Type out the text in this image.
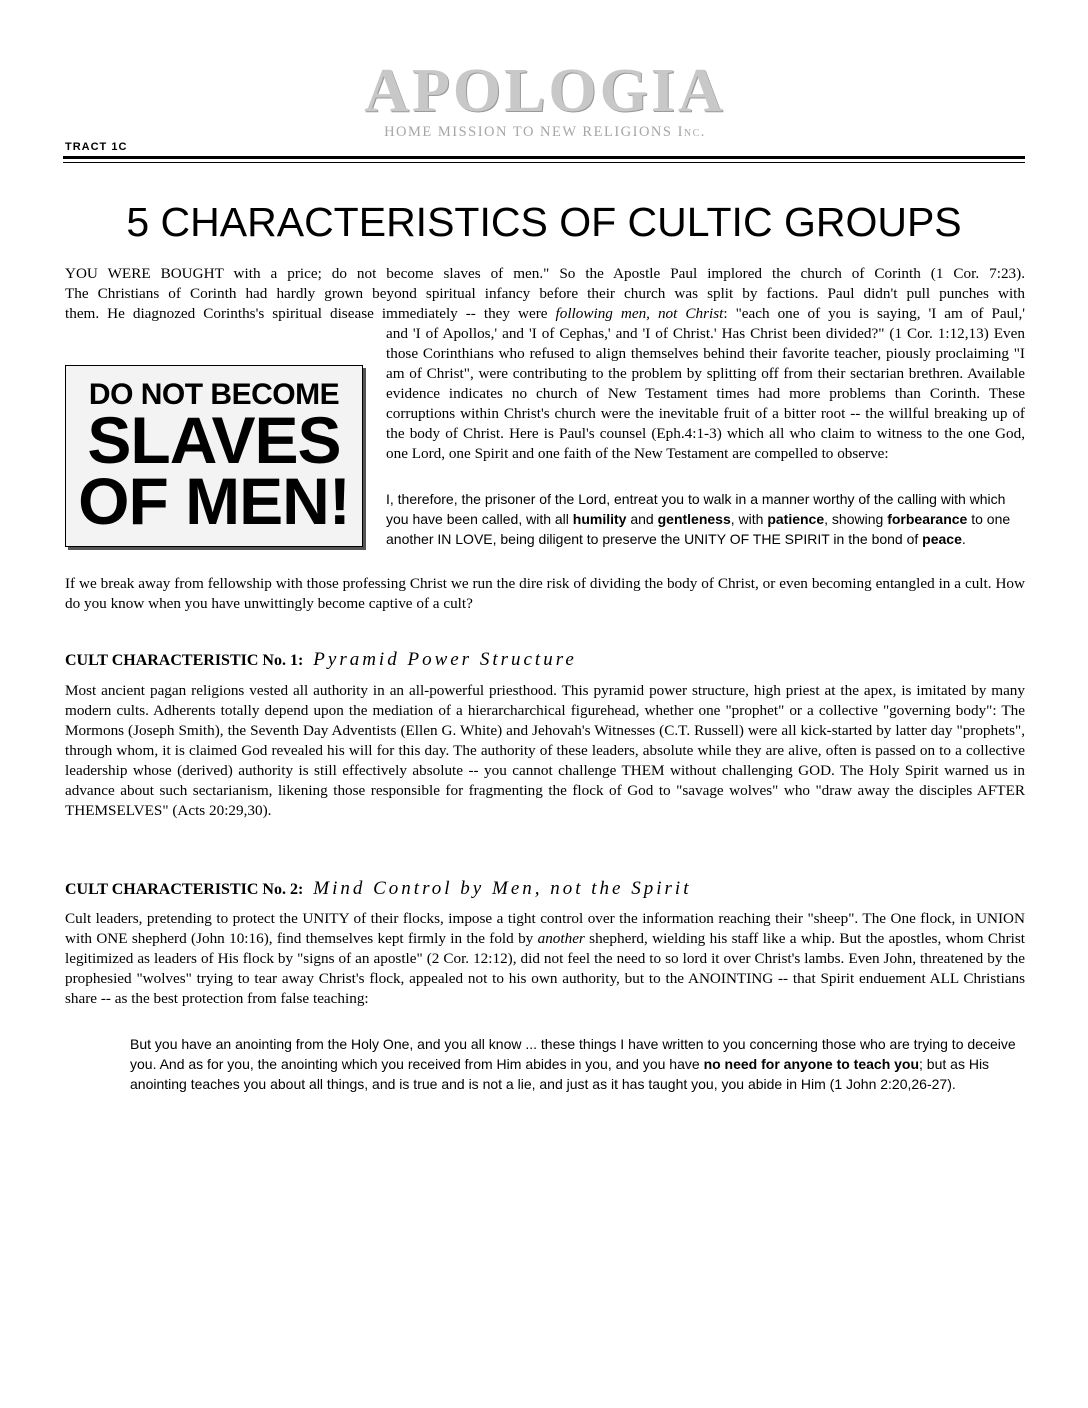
TRACT 1C
APOLOGIA
HOME MISSION TO NEW RELIGIONS Inc.
5 CHARACTERISTICS OF CULTIC GROUPS

YOU WERE BOUGHT with a price; do not become slaves of men." So the Apostle Paul implored the church of Corinth (1 Cor. 7:23).

The Christians of Corinth had hardly grown beyond spiritual infancy before their church was split by factions. Paul didn't pull punches with

them. He diagnozed Corinths's spiritual disease immediately -- they were following men, not Christ: "each one of you is saying, 'I am of Paul,'

and 'I of Apollos,' and 'I of Cephas,' and 'I of Christ.' Has Christ been divided?" (1 Cor. 1:12,13) Even those Corinthians who refused to align themselves behind their favorite teacher, piously proclaiming "I am of Christ", were contributing to the problem by splitting off from their sectarian brethren. Available evidence indicates no church of New Testament times had more problems than Corinth. These corruptions within Christ's church were the inevitable fruit of a bitter root -- the willful breaking up of the body of Christ. Here is Paul's counsel (Eph.4:1-3) which all who claim to witness to the one God, one Lord, one Spirit and one faith of the New Testament are compelled to observe:

DO NOT BECOME
SLAVES
OF MEN!	I, therefore, the prisoner of the Lord, entreat you to walk in a manner worthy of the calling with which you have been called, with all humility and gentleness, with patience, showing forbearance to one another IN LOVE, being diligent to preserve the UNITY OF THE SPIRIT in the bond of peace.

If we break away from fellowship with those professing Christ we run the dire risk of dividing the body of Christ, or even becoming entangled in a cult. How do you know when you have unwittingly become captive of a cult?

CULT CHARACTERISTIC No. 1: Pyramid Power Structure

Most ancient pagan religions vested all authority in an all-powerful priesthood. This pyramid power structure, high priest at the apex, is imitated by many modern cults. Adherents totally depend upon the mediation of a hierarcharchical figurehead, whether one "prophet" or a collective "governing body": The Mormons (Joseph Smith), the Seventh Day Adventists (Ellen G. White) and Jehovah's Witnesses (C.T. Russell) were all kick-started by latter day "prophets", through whom, it is claimed God revealed his will for this day. The authority of these leaders, absolute while they are alive, often is passed on to a collective leadership whose (derived) authority is still effectively absolute -- you cannot challenge THEM without challenging GOD. The Holy Spirit warned us in advance about such sectarianism, likening those responsible for fragmenting the flock of God to "savage wolves" who "draw away the disciples AFTER THEMSELVES" (Acts 20:29,30).

CULT CHARACTERISTIC No. 2: Mind Control by Men, not the Spirit

Cult leaders, pretending to protect the UNITY of their flocks, impose a tight control over the information reaching their "sheep". The One flock, in UNION with ONE shepherd (John 10:16), find themselves kept firmly in the fold by another shepherd, wielding his staff like a whip. But the apostles, whom Christ legitimized as leaders of His flock by "signs of an apostle" (2 Cor. 12:12), did not feel the need to so lord it over Christ's lambs. Even John, threatened by the prophesied "wolves" trying to tear away Christ's flock, appealed not to his own authority, but to the ANOINTING -- that Spirit enduement ALL Christians share -- as the best protection from false teaching:

But you have an anointing from the Holy One, and you all know ... these things I have written to you concerning those who are trying to deceive you. And as for you, the anointing which you received from Him abides in you, and you have no need for anyone to teach you; but as His anointing teaches you about all things, and is true and is not a lie, and just as it has taught you, you abide in Him (1 John 2:20,26-27).
